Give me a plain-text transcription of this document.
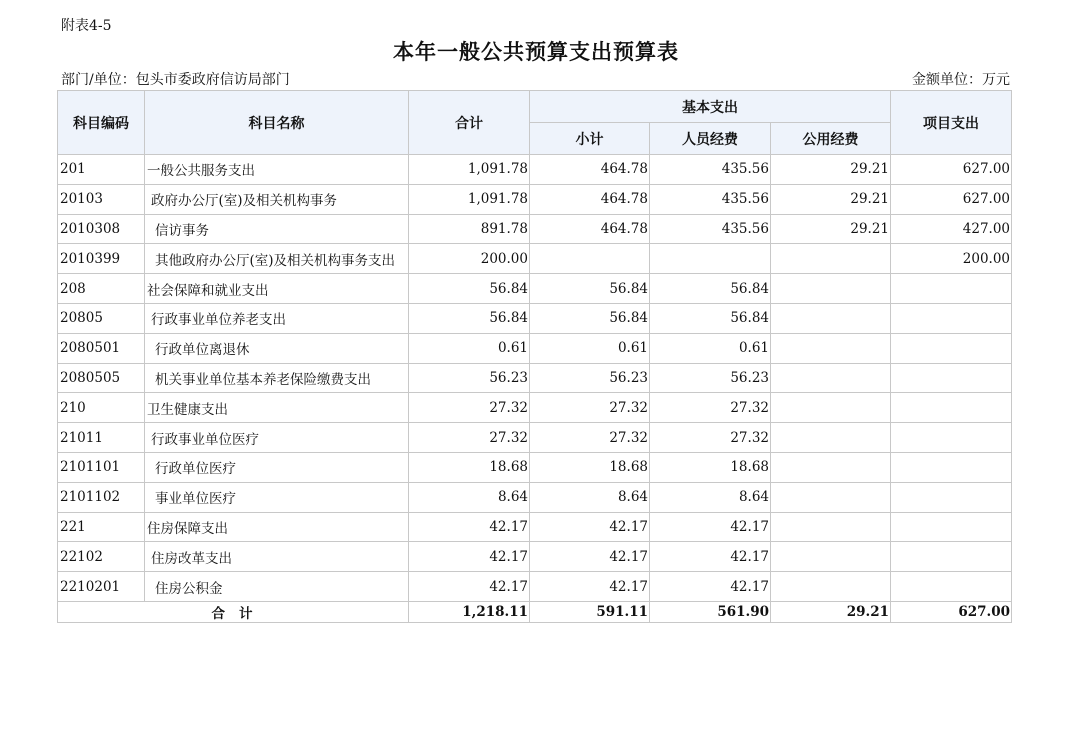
附表4-5
本年一般公共预算支出预算表
部门/单位：包头市委政府信访局部门	金额单位：万元
科目编码	科目名称	合计	基本支出			项目支出
			小计	人员经费	公用经费	
201	一般公共服务支出	1,091.78	464.78	435.56	29.21	627.00
20103	政府办公厅(室)及相关机构事务	1,091.78	464.78	435.56	29.21	627.00
2010308	信访事务	891.78	464.78	435.56	29.21	427.00
2010399	其他政府办公厅(室)及相关机构事务支出	200.00				200.00
208	社会保障和就业支出	56.84	56.84	56.84		
20805	行政事业单位养老支出	56.84	56.84	56.84		
2080501	行政单位离退休	0.61	0.61	0.61		
2080505	机关事业单位基本养老保险缴费支出	56.23	56.23	56.23		
210	卫生健康支出	27.32	27.32	27.32		
21011	行政事业单位医疗	27.32	27.32	27.32		
2101101	行政单位医疗	18.68	18.68	18.68		
2101102	事业单位医疗	8.64	8.64	8.64		
221	住房保障支出	42.17	42.17	42.17		
22102	住房改革支出	42.17	42.17	42.17		
2210201	住房公积金	42.17	42.17	42.17		
合计		1,218.11	591.11	561.90	29.21	627.00
